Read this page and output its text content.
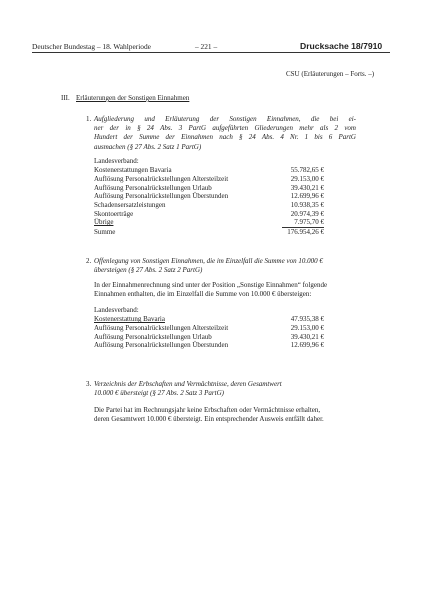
Deutscher Bundestag – 18. Wahlperiode	– 221 –	Drucksache 18/7910
CSU (Erläuterungen – Forts. –)
III. Erläuterungen der Sonstigen Einnahmen
1. Aufgliederung und Erläuterung der Sonstigen Einnahmen, die bei ei-
ner der in § 24 Abs. 3 PartG aufgeführten Gliederungen mehr als 2 vom
Hundert der Summe der Einnahmen nach § 24 Abs. 4 Nr. 1 bis 6 PartG
ausmachen (§ 27 Abs. 2 Satz 1 PartG)
Landesverband:
Kostenerstattungen Bavaria	55.782,65 €
Auflösung Personalrückstellungen Altersteilzeit	29.153,00 €
Auflösung Personalrückstellungen Urlaub	39.430,21 €
Auflösung Personalrückstellungen Überstunden	12.699,96 €
Schadensersatzleistungen	10.938,35 €
Skontoerträge	20.974,39 €
Übrige	7.975,70 €
Summe	176.954,26 €
2. Offenlegung von Sonstigen Einnahmen, die im Einzelfall die Summe von 10.000 €
übersteigen (§ 27 Abs. 2 Satz 2 PartG)
In der Einnahmenrechnung sind unter der Position „Sonstige Einnahmen“ folgende
Einnahmen enthalten, die im Einzelfall die Summe von 10.000 € übersteigen:
Landesverband:
Kostenerstattung Bavaria	47.935,38 €
Auflösung Personalrückstellungen Altersteilzeit	29.153,00 €
Auflösung Personalrückstellungen Urlaub	39.430,21 €
Auflösung Personalrückstellungen Überstunden	12.699,96 €
3. Verzeichnis der Erbschaften und Vermächtnisse, deren Gesamtwert
10.000 € übersteigt (§ 27 Abs. 2 Satz 3 PartG)
Die Partei hat im Rechnungsjahr keine Erbschaften oder Vermächtnisse erhalten,
deren Gesamtwert 10.000 € übersteigt. Ein entsprechender Ausweis entfällt daher.
